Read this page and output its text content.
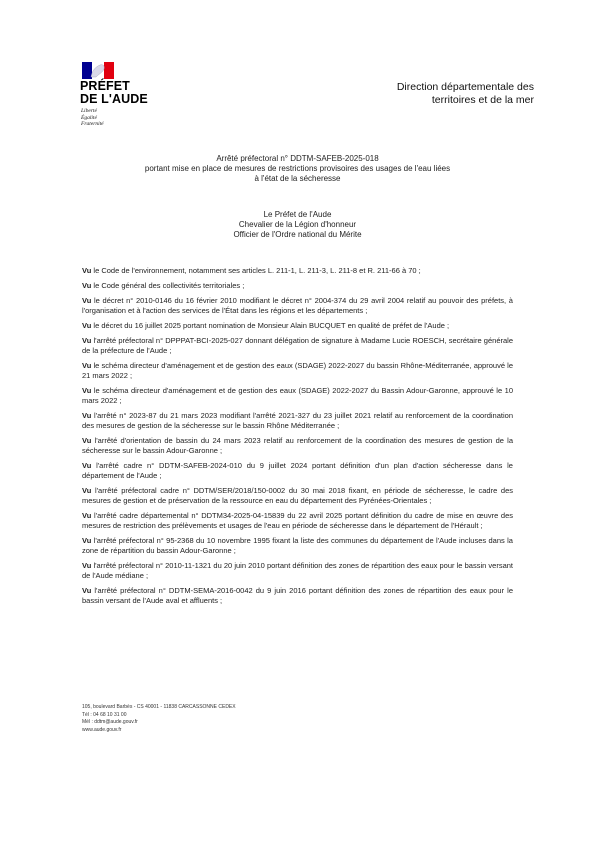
PRÉFET
DE L'AUDE
Liberté
Égalité
Fraternité
Direction départementale des
territoires et de la mer
Arrêté préfectoral n° DDTM-SAFEB-2025-018
portant mise en place de mesures de restrictions provisoires des usages de l'eau liées
à l'état de la sécheresse
Le Préfet de l'Aude
Chevalier de la Légion d'honneur
Officier de l'Ordre national du Mérite

Vu le Code de l'environnement, notamment ses articles L. 211-1, L. 211-3, L. 211-8 et R. 211-66 à 70 ;

Vu le Code général des collectivités territoriales ;

Vu le décret n° 2010-0146 du 16 février 2010 modifiant le décret n° 2004-374 du 29 avril 2004 relatif au pouvoir des préfets, à l'organisation et à l'action des services de l'État dans les régions et les départements ;

Vu le décret du 16 juillet 2025 portant nomination de Monsieur Alain BUCQUET en qualité de préfet de l'Aude ;

Vu l'arrêté préfectoral n° DPPPAT-BCI-2025-027 donnant délégation de signature à Madame Lucie ROESCH, secrétaire générale de la préfecture de l'Aude ;

Vu le schéma directeur d'aménagement et de gestion des eaux (SDAGE) 2022-2027 du bassin Rhône-Méditerranée, approuvé le 21 mars 2022 ;

Vu le schéma directeur d'aménagement et de gestion des eaux (SDAGE) 2022-2027 du Bassin Adour-Garonne, approuvé le 10 mars 2022 ;

Vu l'arrêté n° 2023-87 du 21 mars 2023 modifiant l'arrêté 2021-327 du 23 juillet 2021 relatif au renforcement de la coordination des mesures de gestion de la sécheresse sur le bassin Rhône Méditerranée ;

Vu l'arrêté d'orientation de bassin du 24 mars 2023 relatif au renforcement de la coordination des mesures de gestion de la sécheresse sur le bassin Adour-Garonne ;

Vu l'arrêté cadre n° DDTM-SAFEB-2024-010 du 9 juillet 2024 portant définition d'un plan d'action sécheresse dans le département de l'Aude ;

Vu l'arrêté préfectoral cadre n° DDTM/SER/2018/150-0002 du 30 mai 2018 fixant, en période de sécheresse, le cadre des mesures de gestion et de préservation de la ressource en eau du département des Pyrénées-Orientales ;

Vu l'arrêté cadre départemental n° DDTM34-2025-04-15839 du 22 avril 2025 portant définition du cadre de mise en œuvre des mesures de restriction des prélèvements et usages de l'eau en période de sécheresse dans le département de l'Hérault ;

Vu l'arrêté préfectoral n° 95-2368 du 10 novembre 1995 fixant la liste des communes du département de l'Aude incluses dans la zone de répartition du bassin Adour-Garonne ;

Vu l'arrêté préfectoral n° 2010-11-1321 du 20 juin 2010 portant définition des zones de répartition des eaux pour le bassin versant de l'Aude médiane ;

Vu l'arrêté préfectoral n° DDTM-SEMA-2016-0042 du 9 juin 2016 portant définition des zones de répartition des eaux pour le bassin versant de l'Aude aval et affluents ;

105, boulevard Barbès - CS 40001 - 11838 CARCASSONNE CEDEX
Tél : 04 68 10 31 00
Mél : ddtm@aude.gouv.fr
www.aude.gouv.fr
